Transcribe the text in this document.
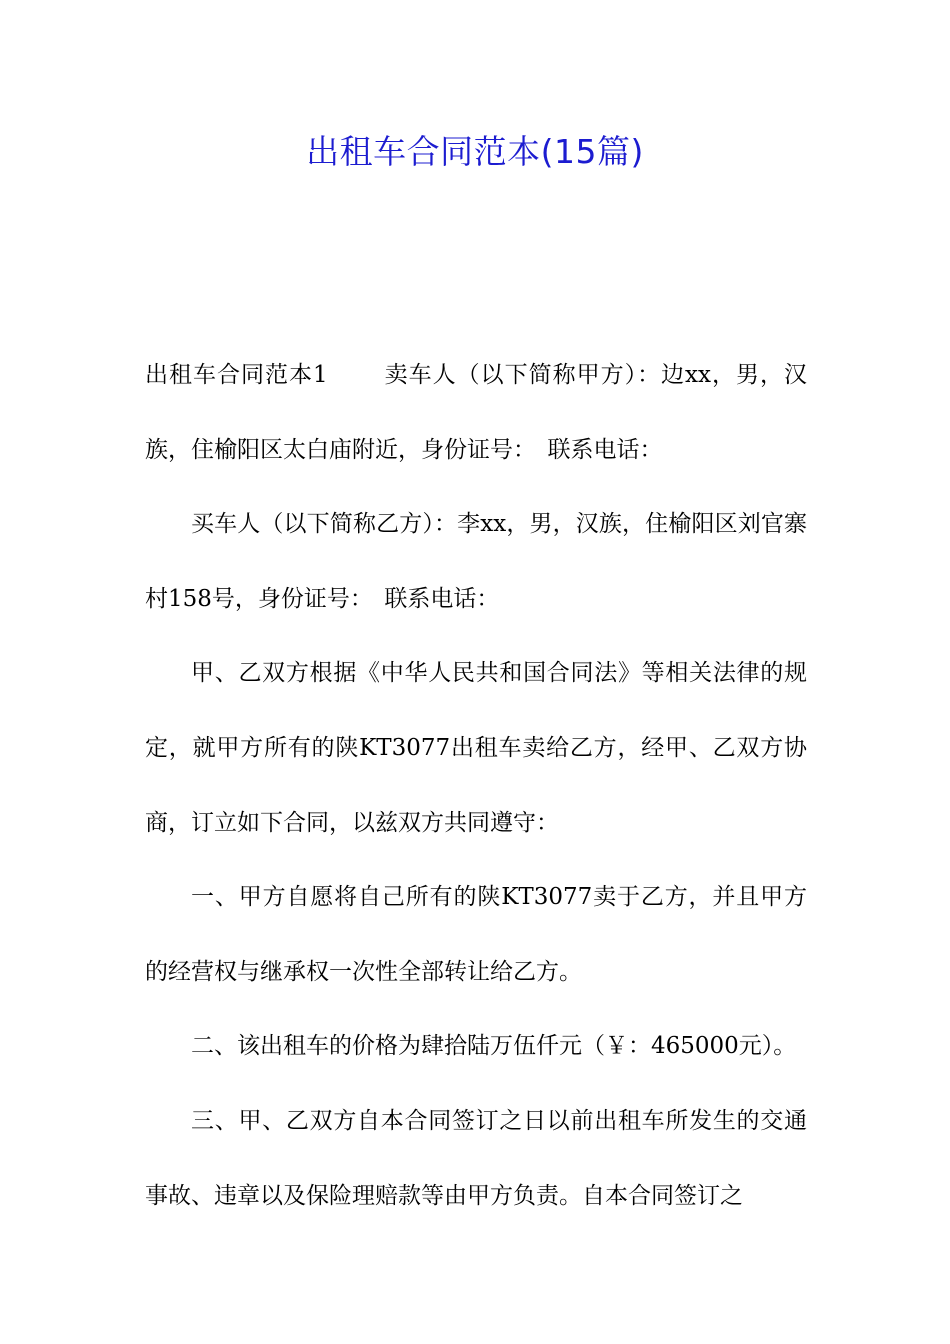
出租车合同范本(15篇)

出租车合同范本1 卖车人（以下简称甲方）：边xx，男，汉族，住榆阳区太白庙附近，身份证号：　联系电话：

买车人（以下简称乙方）：李xx，男，汉族，住榆阳区刘官寨村158号，身份证号：　联系电话：

甲、乙双方根据《中华人民共和国合同法》等相关法律的规定，就甲方所有的陕KT3077出租车卖给乙方，经甲、乙双方协商，订立如下合同，以兹双方共同遵守：

一、甲方自愿将自己所有的陕KT3077卖于乙方，并且甲方的经营权与继承权一次性全部转让给乙方。

二、该出租车的价格为肆拾陆万伍仟元（￥：465000元）。

三、甲、乙双方自本合同签订之日以前出租车所发生的交通事故、违章以及保险理赔款等由甲方负责。自本合同签订之
